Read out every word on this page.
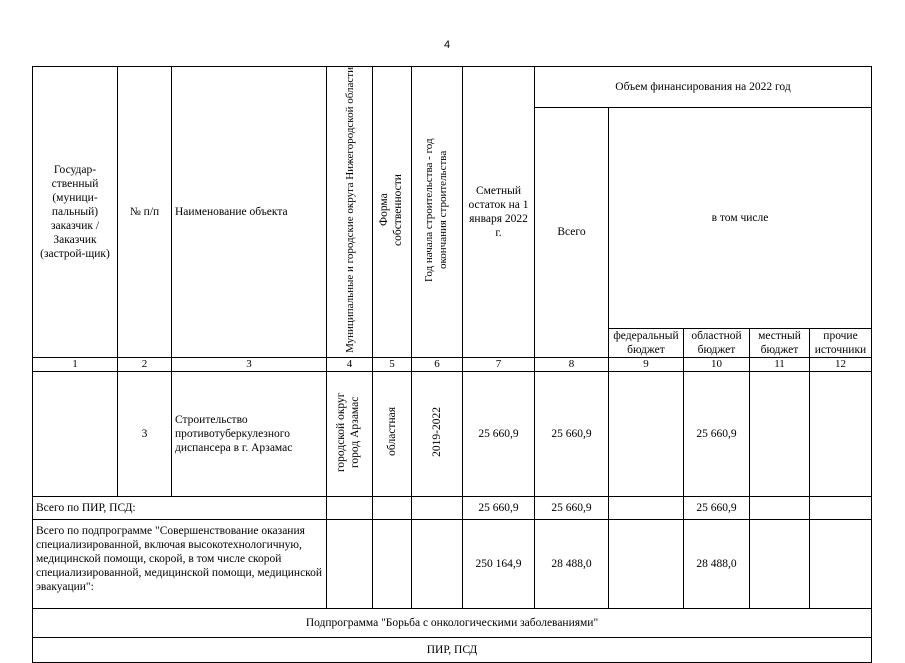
4
Государ-ственный (муници-пальный) заказчик / Заказчик (застрой-щик)	№ п/п	Наименование объекта	Муниципальные и городские округа Нижегородской области	Форма собственности	Год начала строительства - год окончания строительства	Сметный остаток на 1 января 2022 г.	Объем финансирования на 2022 год				
							Всего	в том числе			
								федеральный бюджет	областной бюджет	местный бюджет	прочие источники
1	2	3	4	5	6	7	8	9	10	11	12
	3	Строительство противотуберкулезного диспансера в г. Арзамас	городской округ город Арзамас	областная	2019-2022	25 660,9	25 660,9		25 660,9		
Всего по ПИР, ПСД:						25 660,9	25 660,9		25 660,9		
Всего по подпрограмме "Совершенствование оказания специализированной, включая высокотехнологичную, медицинской помощи, скорой, в том числе скорой специализированной, медицинской помощи, медицинской эвакуации":						250 164,9	28 488,0		28 488,0		
Подпрограмма "Борьба с онкологическими заболеваниями"											
ПИР, ПСД											
